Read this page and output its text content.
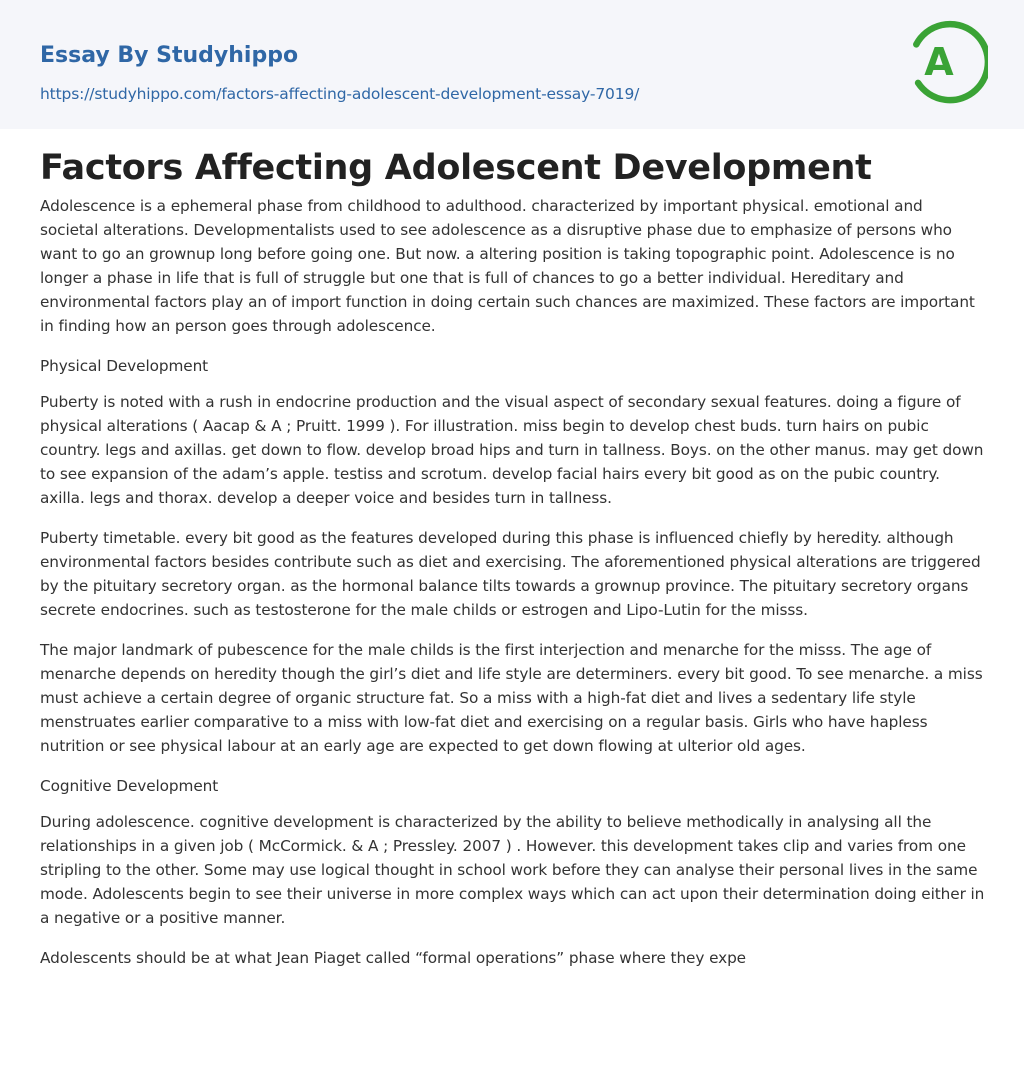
Essay By Studyhippo
https://studyhippo.com/factors-affecting-adolescent-development-essay-7019/
A
Factors Affecting Adolescent Development

Adolescence is a ephemeral phase from childhood to adulthood. characterized by important physical. emotional and societal alterations. Developmentalists used to see adolescence as a disruptive phase due to emphasize of persons who want to go an grownup long before going one. But now. a altering position is taking topographic point. Adolescence is no longer a phase in life that is full of struggle but one that is full of chances to go a better individual. Hereditary and environmental factors play an of import function in doing certain such chances are maximized. These factors are important in finding how an person goes through adolescence.

Physical Development

Puberty is noted with a rush in endocrine production and the visual aspect of secondary sexual features. doing a figure of physical alterations ( Aacap & A ; Pruitt. 1999 ). For illustration. miss begin to develop chest buds. turn hairs on pubic country. legs and axillas. get down to flow. develop broad hips and turn in tallness. Boys. on the other manus. may get down to see expansion of the adam’s apple. testiss and scrotum. develop facial hairs every bit good as on the pubic country. axilla. legs and thorax. develop a deeper voice and besides turn in tallness.

Puberty timetable. every bit good as the features developed during this phase is influenced chiefly by heredity. although environmental factors besides contribute such as diet and exercising. The aforementioned physical alterations are triggered by the pituitary secretory organ. as the hormonal balance tilts towards a grownup province. The pituitary secretory organs secrete endocrines. such as testosterone for the male childs or estrogen and Lipo-Lutin for the misss.

The major landmark of pubescence for the male childs is the first interjection and menarche for the misss. The age of menarche depends on heredity though the girl’s diet and life style are determiners. every bit good. To see menarche. a miss must achieve a certain degree of organic structure fat. So a miss with a high-fat diet and lives a sedentary life style menstruates earlier comparative to a miss with low-fat diet and exercising on a regular basis. Girls who have hapless nutrition or see physical labour at an early age are expected to get down flowing at ulterior old ages.

Cognitive Development

During adolescence. cognitive development is characterized by the ability to believe methodically in analysing all the relationships in a given job ( McCormick. & A ; Pressley. 2007 ) . However. this development takes clip and varies from one stripling to the other. Some may use logical thought in school work before they can analyse their personal lives in the same mode. Adolescents begin to see their universe in more complex ways which can act upon their determination doing either in a negative or a positive manner.

Adolescents should be at what Jean Piaget called “formal operations” phase where they expe
